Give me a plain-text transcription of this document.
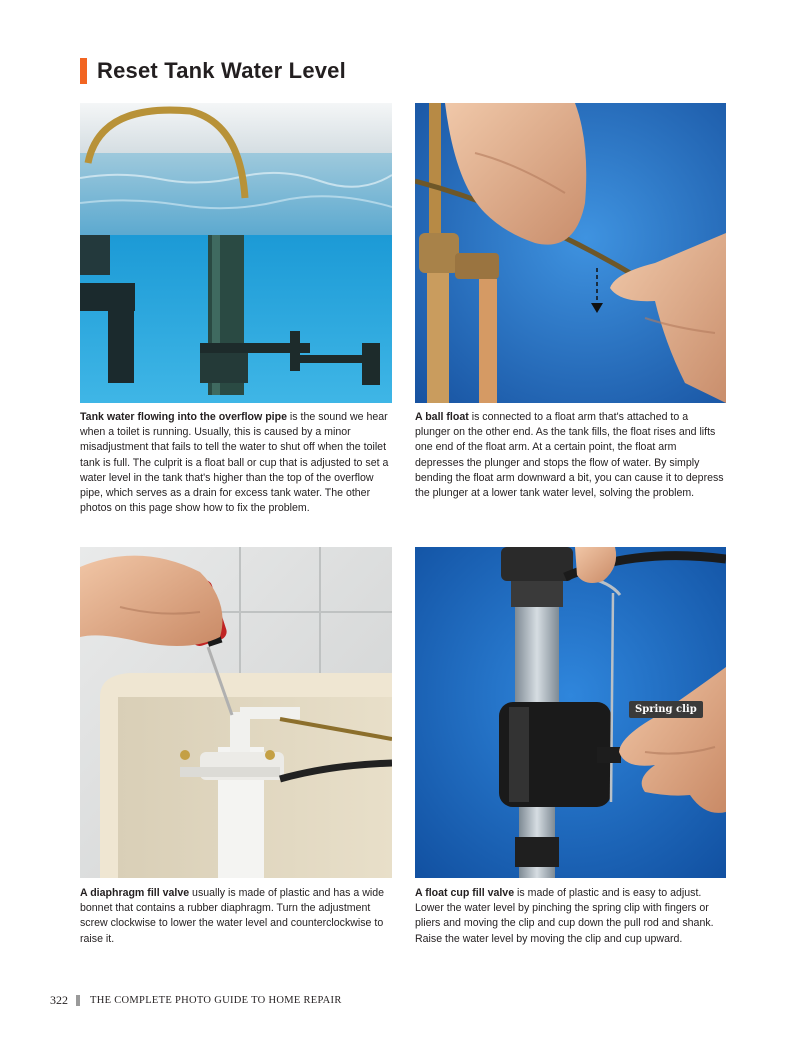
Reset Tank Water Level
Tank water flowing into the overflow pipe is the sound we hear when a toilet is running. Usually, this is caused by a minor misadjustment that fails to tell the water to shut off when the toilet tank is full. The culprit is a float ball or cup that is adjusted to set a water level in the tank that's higher than the top of the overflow pipe, which serves as a drain for excess tank water. The other photos on this page show how to fix the problem.
A ball float is connected to a float arm that's attached to a plunger on the other end. As the tank fills, the float rises and lifts one end of the float arm. At a certain point, the float arm depresses the plunger and stops the flow of water. By simply bending the float arm downward a bit, you can cause it to depress the plunger at a lower tank water level, solving the problem.
Spring clip
A diaphragm fill valve usually is made of plastic and has a wide bonnet that contains a rubber diaphragm. Turn the adjustment screw clockwise to lower the water level and counterclockwise to raise it.
A float cup fill valve is made of plastic and is easy to adjust. Lower the water level by pinching the spring clip with fingers or pliers and moving the clip and cup down the pull rod and shank. Raise the water level by moving the clip and cup upward.
322 THE COMPLETE PHOTO GUIDE TO HOME REPAIR
